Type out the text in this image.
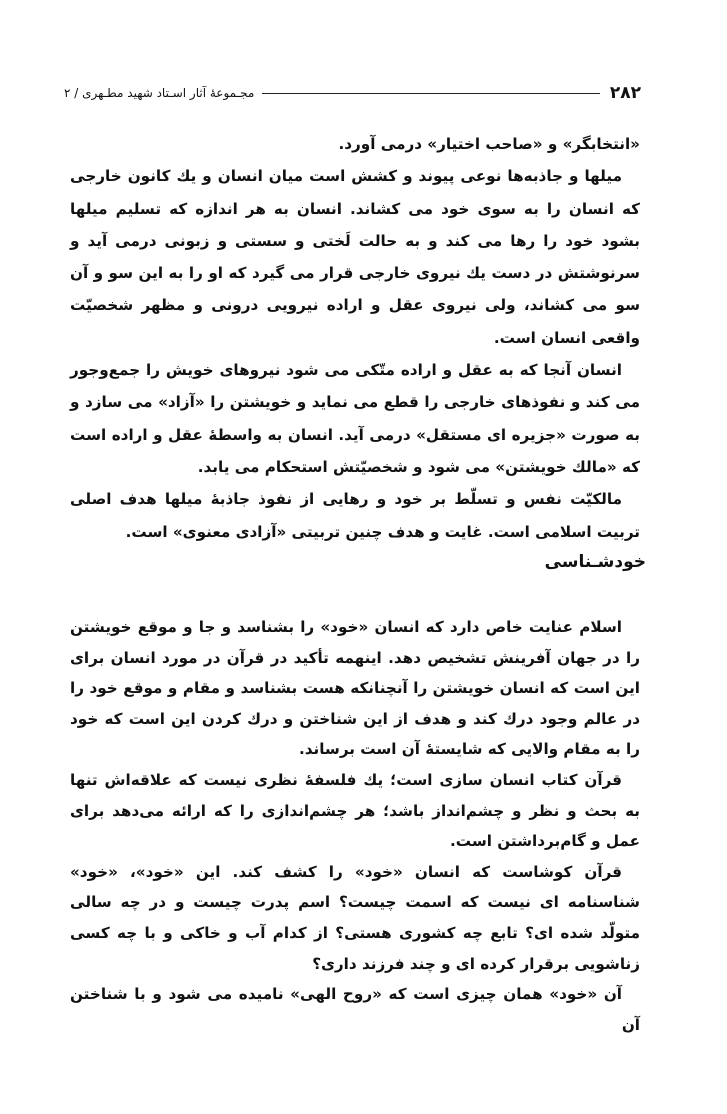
۲۸۲
مجـموعهٔ آثار اسـتاد شهید مطـهری / ۲

«انتخابگر» و «صاحب اختیار» درمی آورد.

میلها و جاذبه‌ها نوعی پیوند و کشش است میان انسان و یك کانون خارجی که انسان را به سوی خود می کشاند. انسان به هر اندازه که تسلیم میلها بشود خود را رها می کند و به حالت لَختی و سستی و زبونی درمی آید و سرنوشتش در دست یك نیروی خارجی قرار می گیرد که او را به این سو و آن سو می کشاند، ولی نیروی عقل و اراده نیرویی درونی و مظهر شخصیّت واقعی انسان است.

انسان آنجا که به عقل و اراده متّکی می شود نیروهای خویش را جمع‌وجور می کند و نفوذهای خارجی را قطع می نماید و خویشتن را «آزاد» می سازد و به صورت «جزیره ای مستقل» درمی آید. انسان به واسطهٔ عقل و اراده است که «مالك خویشتن» می شود و شخصیّتش استحکام می یابد.

مالکیّت نفس و تسلّط بر خود و رهایی از نفوذ جاذبهٔ میلها هدف اصلی تربیت اسلامی است. غایت و هدف چنین تربیتی «آزادی معنوی» است.

خودشـناسی

اسلام عنایت خاص دارد که انسان «خود» را بشناسد و جا و موقع خویشتن را در جهان آفرینش تشخیص دهد. اینهمه تأکید در قرآن در مورد انسان برای این است که انسان خویشتن را آنچنانکه هست بشناسد و مقام و موقع خود را در عالم وجود درك کند و هدف از این شناختن و درك کردن این است که خود را به مقام والایی که شایستهٔ آن است برساند.

قرآن کتاب انسان سازی است؛ یك فلسفهٔ نظری نیست که علاقه‌اش تنها به بحث و نظر و چشم‌انداز باشد؛ هر چشم‌اندازی را که ارائه می‌دهد برای عمل و گام‌برداشتن است.

قرآن کوشاست که انسان «خود» را کشف کند. این «خود»، «خود» شناسنامه ای نیست که اسمت چیست؟ اسم پدرت چیست و در چه سالی متولّد شده ای؟ تابع چه کشوری هستی؟ از کدام آب و خاکی و با چه کسی زناشویی برقرار کرده ای و چند فرزند داری؟

آن «خود» همان چیزی است که «روح الهی» نامیده می شود و با شناختن آن
